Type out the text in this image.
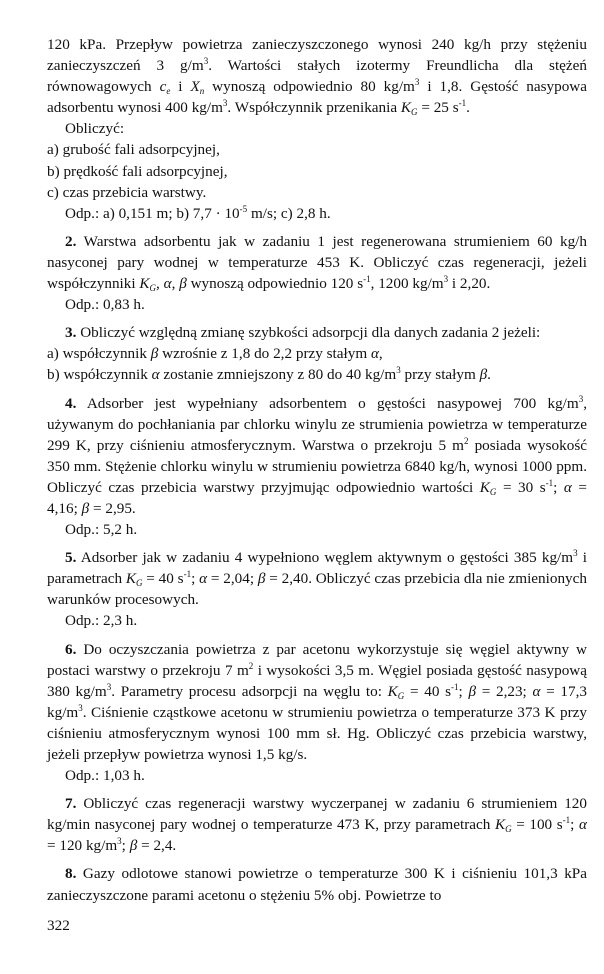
120 kPa. Przepływ powietrza zanieczyszczonego wynosi 240 kg/h przy stężeniu zanieczyszczeń 3 $g/m^3$. Wartości stałych izotermy Freundlicha dla stężeń równowagowych $c_e$ i $X_n$ wynoszą odpowiednio 80 $kg/m^3$ i 1,8. Gęstość nasypowa adsorbentu wynosi 400 $kg/m^3$. Współczynnik przenikania $K_G = 25$ $s^{-1}$.

Obliczyć:

a) grubość fali adsorpcyjnej,

b) prędkość fali adsorpcyjnej,

c) czas przebicia warstwy.

Odp.: a) 0,151 m; b) $7,7 \cdot 10^{-5}$ m/s; c) 2,8 h.

2. Warstwa adsorbentu jak w zadaniu 1 jest regenerowana strumieniem 60 kg/h nasyconej pary wodnej w temperaturze 453 K. Obliczyć czas regeneracji, jeżeli współczynniki $K_G$, α, β wynoszą odpowiednio 120 $s^{-1}$, 1200 $kg/m^3$ i 2,20.

Odp.: 0,83 h.

3. Obliczyć względną zmianę szybkości adsorpcji dla danych zadania 2 jeżeli:

a) współczynnik β wzrośnie z 1,8 do 2,2 przy stałym α,

b) współczynnik α zostanie zmniejszony z 80 do 40 $kg/m^3$ przy stałym β.

4. Adsorber jest wypełniany adsorbentem o gęstości nasypowej 700 $kg/m^3$, używanym do pochłaniania par chlorku winylu ze strumienia powietrza w temperaturze 299 K, przy ciśnieniu atmosferycznym. Warstwa o przekroju 5 $m^2$ posiada wysokość 350 mm. Stężenie chlorku winylu w strumieniu powietrza 6840 kg/h, wynosi 1000 ppm. Obliczyć czas przebicia warstwy przyjmując odpowiednio wartości $K_G = 30$ $s^{-1}$; α = 4,16; β = 2,95.

Odp.: 5,2 h.

5. Adsorber jak w zadaniu 4 wypełniono węglem aktywnym o gęstości 385 $kg/m^3$ i parametrach $K_G = 40$ $s^{-1}$; α = 2,04; β = 2,40. Obliczyć czas przebicia dla nie zmienionych warunków procesowych.

Odp.: 2,3 h.

6. Do oczyszczania powietrza z par acetonu wykorzystuje się węgiel aktywny w postaci warstwy o przekroju 7 $m^2$ i wysokości 3,5 m. Węgiel posiada gęstość nasypową 380 $kg/m^3$. Parametry procesu adsorpcji na węglu to: $K_G = 40$ $s^{-1}$; β = 2,23; α = 17,3 $kg/m^3$. Ciśnienie cząstkowe acetonu w strumieniu powietrza o temperaturze 373 K przy ciśnieniu atmosferycznym wynosi 100 mm sł. Hg. Obliczyć czas przebicia warstwy, jeżeli przepływ powietrza wynosi 1,5 kg/s.

Odp.: 1,03 h.

7. Obliczyć czas regeneracji warstwy wyczerpanej w zadaniu 6 strumieniem 120 kg/min nasyconej pary wodnej o temperaturze 473 K, przy parametrach $K_G = 100$ $s^{-1}$; α = 120 $kg/m^3$; β = 2,4.

8. Gazy odlotowe stanowi powietrze o temperaturze 300 K i ciśnieniu 101,3 kPa zanieczyszczone parami acetonu o stężeniu 5% obj. Powietrze to

322
